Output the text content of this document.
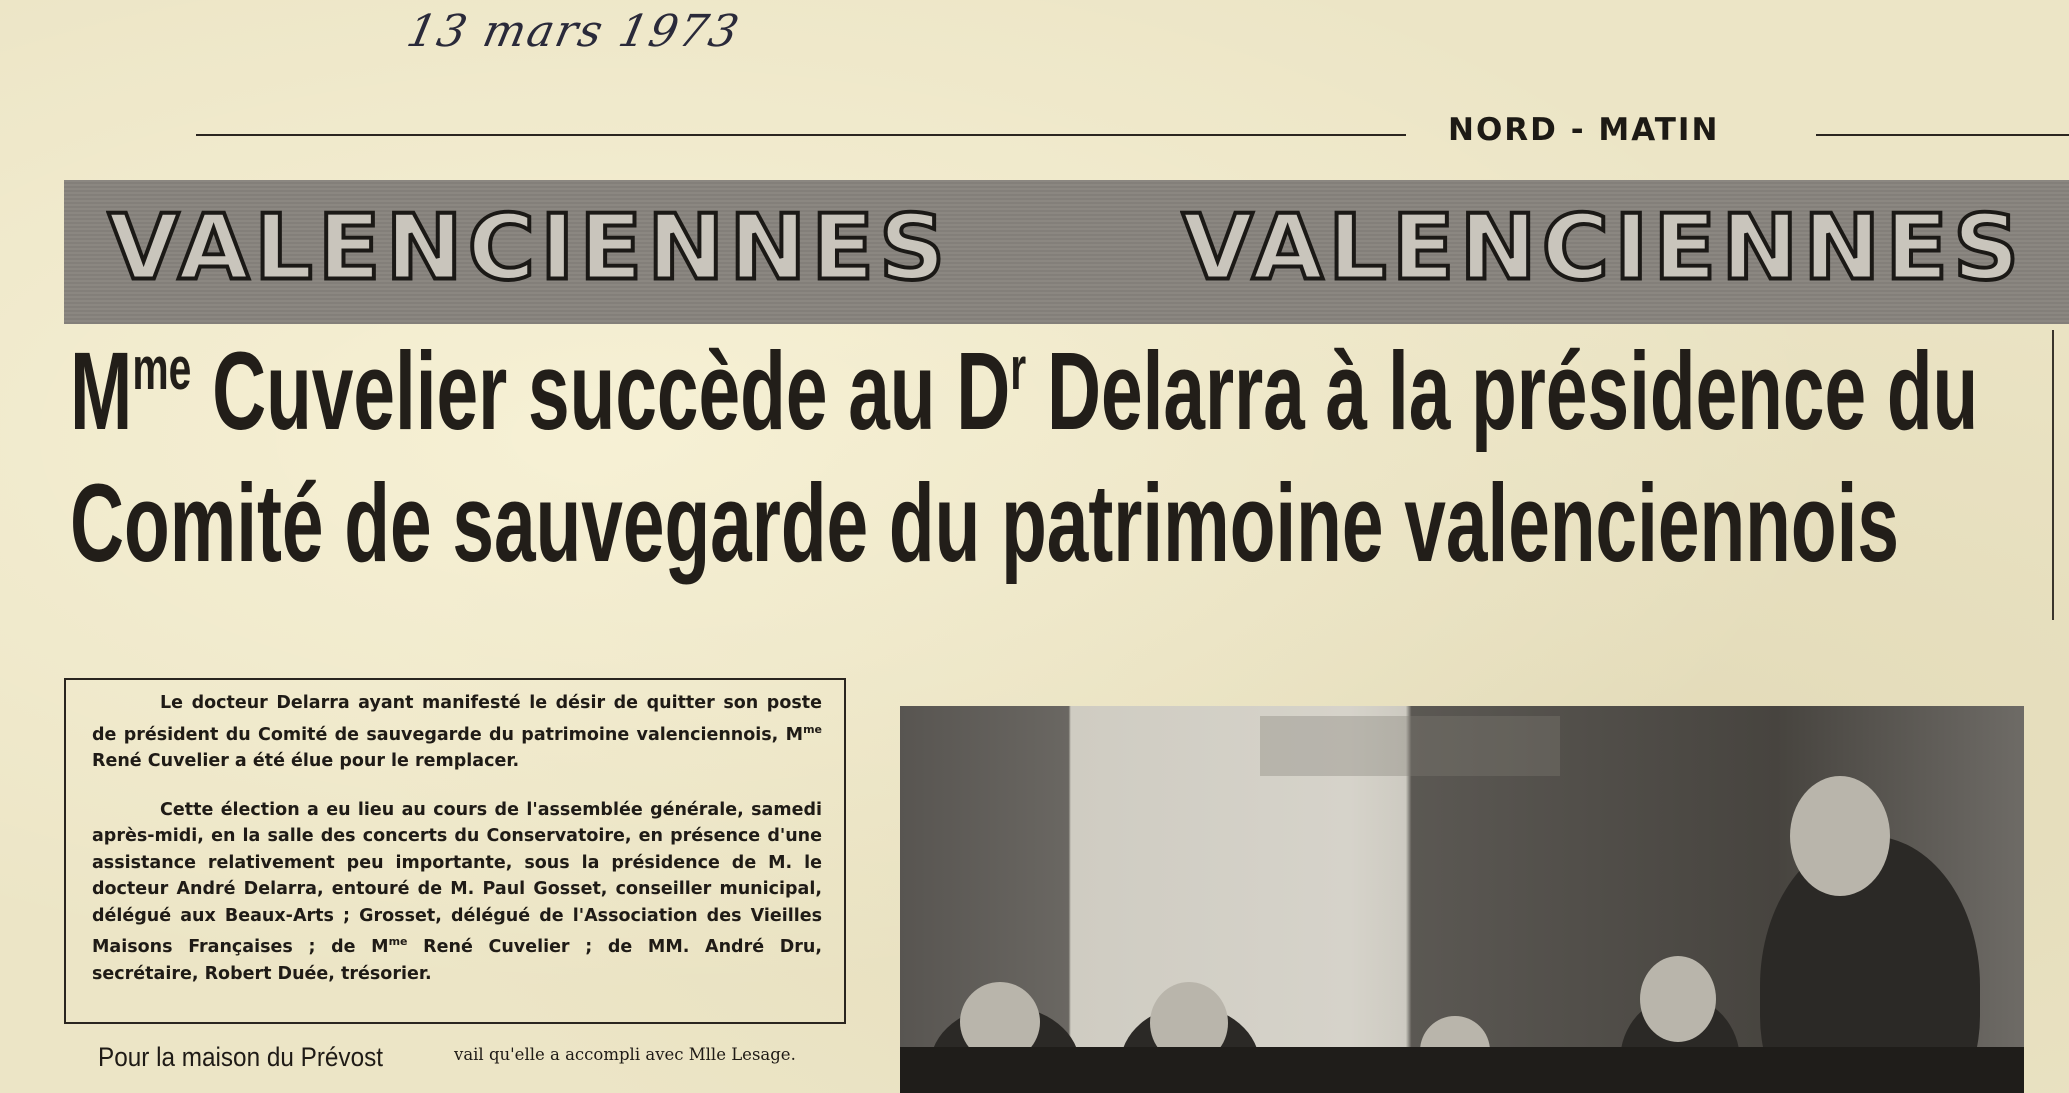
13 mars 1973
NORD - MATIN
VALENCIENNES	VALENCIENNES
$M^{me}$ Cuvelier succède au $D^r$ Delarra à la présidence du
Comité de sauvegarde du patrimoine valenciennois

Le docteur Delarra ayant manifesté le désir de quitter son poste de président du Comité de sauvegarde du patrimoine valenciennois, $M^{me}$ René Cuvelier a été élue pour le remplacer.

Cette élection a eu lieu au cours de l'assemblée générale, samedi après-midi, en la salle des concerts du Conservatoire, en présence d'une assistance relativement peu importante, sous la présidence de M. le docteur André Delarra, entouré de M. Paul Gosset, conseiller municipal, délégué aux Beaux-Arts ; Grosset, délégué de l'Association des Vieilles Maisons Françaises ; de $M^{me}$ René Cuvelier ; de MM. André Dru, secrétaire, Robert Duée, trésorier.

Pour la maison du Prévost	vail qu'elle a accompli avec Mlle Lesage.
